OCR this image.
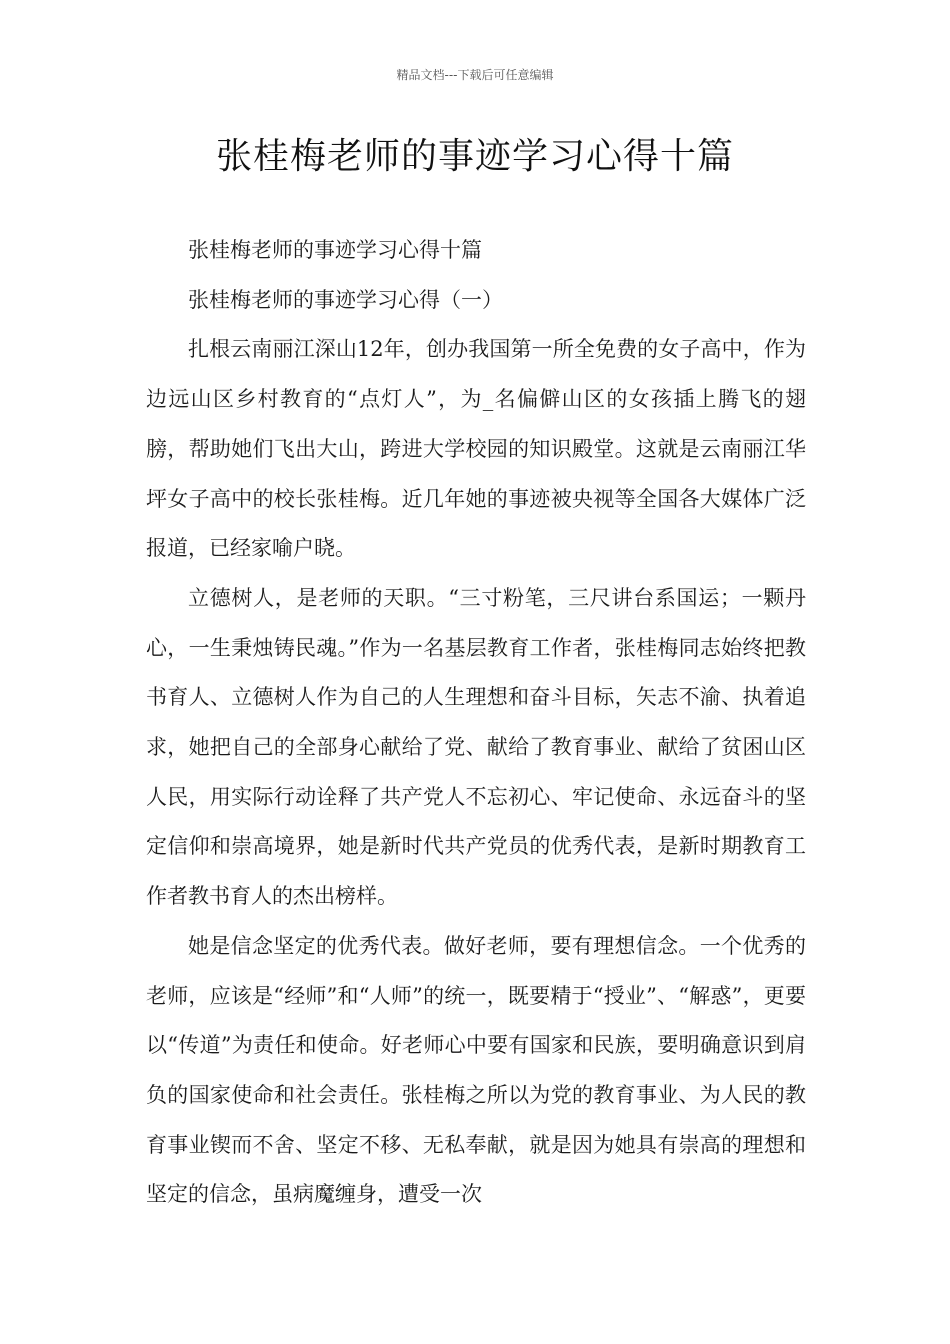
精品文档---下载后可任意编辑
张桂梅老师的事迹学习心得十篇

张桂梅老师的事迹学习心得十篇

张桂梅老师的事迹学习心得（一）

扎根云南丽江深山12年，创办我国第一所全免费的女子高中，作为边远山区乡村教育的“点灯人”，为_名偏僻山区的女孩插上腾飞的翅膀，帮助她们飞出大山，跨进大学校园的知识殿堂。这就是云南丽江华坪女子高中的校长张桂梅。近几年她的事迹被央视等全国各大媒体广泛报道，已经家喻户晓。

立德树人，是老师的天职。“三寸粉笔，三尺讲台系国运；一颗丹心，一生秉烛铸民魂。”作为一名基层教育工作者，张桂梅同志始终把教书育人、立德树人作为自己的人生理想和奋斗目标，矢志不渝、执着追求，她把自己的全部身心献给了党、献给了教育事业、献给了贫困山区人民，用实际行动诠释了共产党人不忘初心、牢记使命、永远奋斗的坚定信仰和崇高境界，她是新时代共产党员的优秀代表，是新时期教育工作者教书育人的杰出榜样。

她是信念坚定的优秀代表。做好老师，要有理想信念。一个优秀的老师，应该是“经师”和“人师”的统一，既要精于“授业”、“解惑”，更要以“传道”为责任和使命。好老师心中要有国家和民族，要明确意识到肩负的国家使命和社会责任。张桂梅之所以为党的教育事业、为人民的教育事业锲而不舍、坚定不移、无私奉献，就是因为她具有崇高的理想和坚定的信念，虽病魔缠身，遭受一次
